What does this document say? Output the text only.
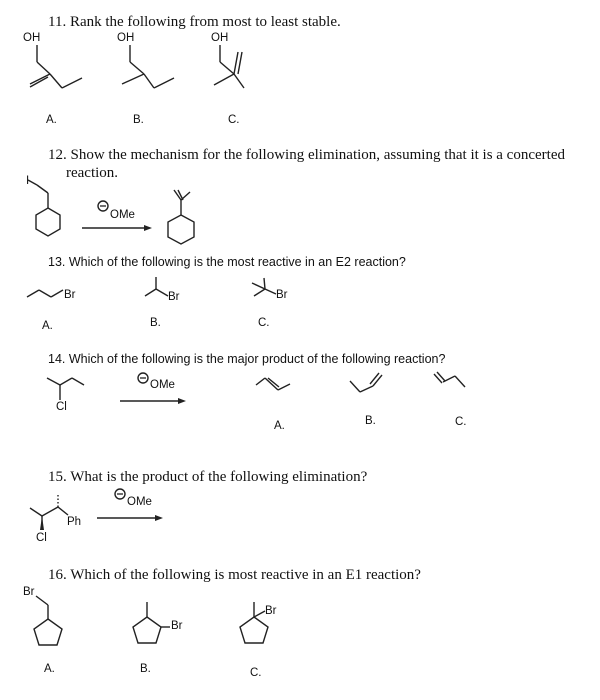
11. Rank the following from most to least stable.
OH	OH	OH
A.	B.	C.
12. Show the mechanism for the following elimination, assuming that it is a concerted
reaction.
I
OMe
13. Which of the following is the most reactive in an E2 reaction?
Br	Br	Br
A.	B.	C.
14. Which of the following is the major product of the following reaction?
Cl
OMe
A.	B.	C.
15. What is the product of the following elimination?
OMe
Ph
Cl
16. Which of the following is most reactive in an E1 reaction?
Br
Br
Br
A.	B.	C.
